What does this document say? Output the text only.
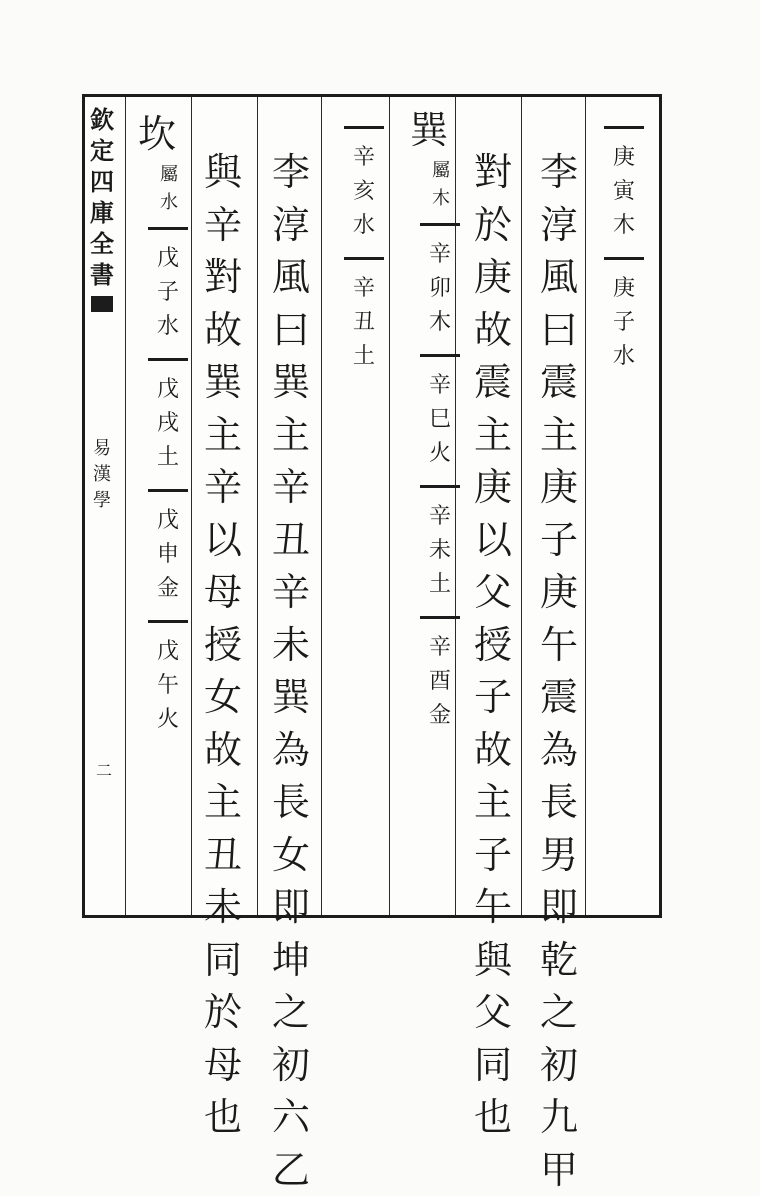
欽
定
四
庫
全
書
易
漢
學
二
坎
屬
水
戊
子
水
戊
戌
土
戊
申
金
戊
午
火
與
辛
對
故
巽
主
辛
以
母
授
女
故
主
丑
未
同
於
母
也
李
淳
風
曰
巽
主
辛
丑
辛
未
巽
為
長
女
即
坤
之
初
六
乙
辛
亥
水
辛
丑
土
巽
屬
木
辛
卯
木
辛
巳
火
辛
未
土
辛
酉
金
對
於
庚
故
震
主
庚
以
父
授
子
故
主
子
午
與
父
同
也
李
淳
風
曰
震
主
庚
子
庚
午
震
為
長
男
即
乾
之
初
九
甲
庚
寅
木
庚
子
水
